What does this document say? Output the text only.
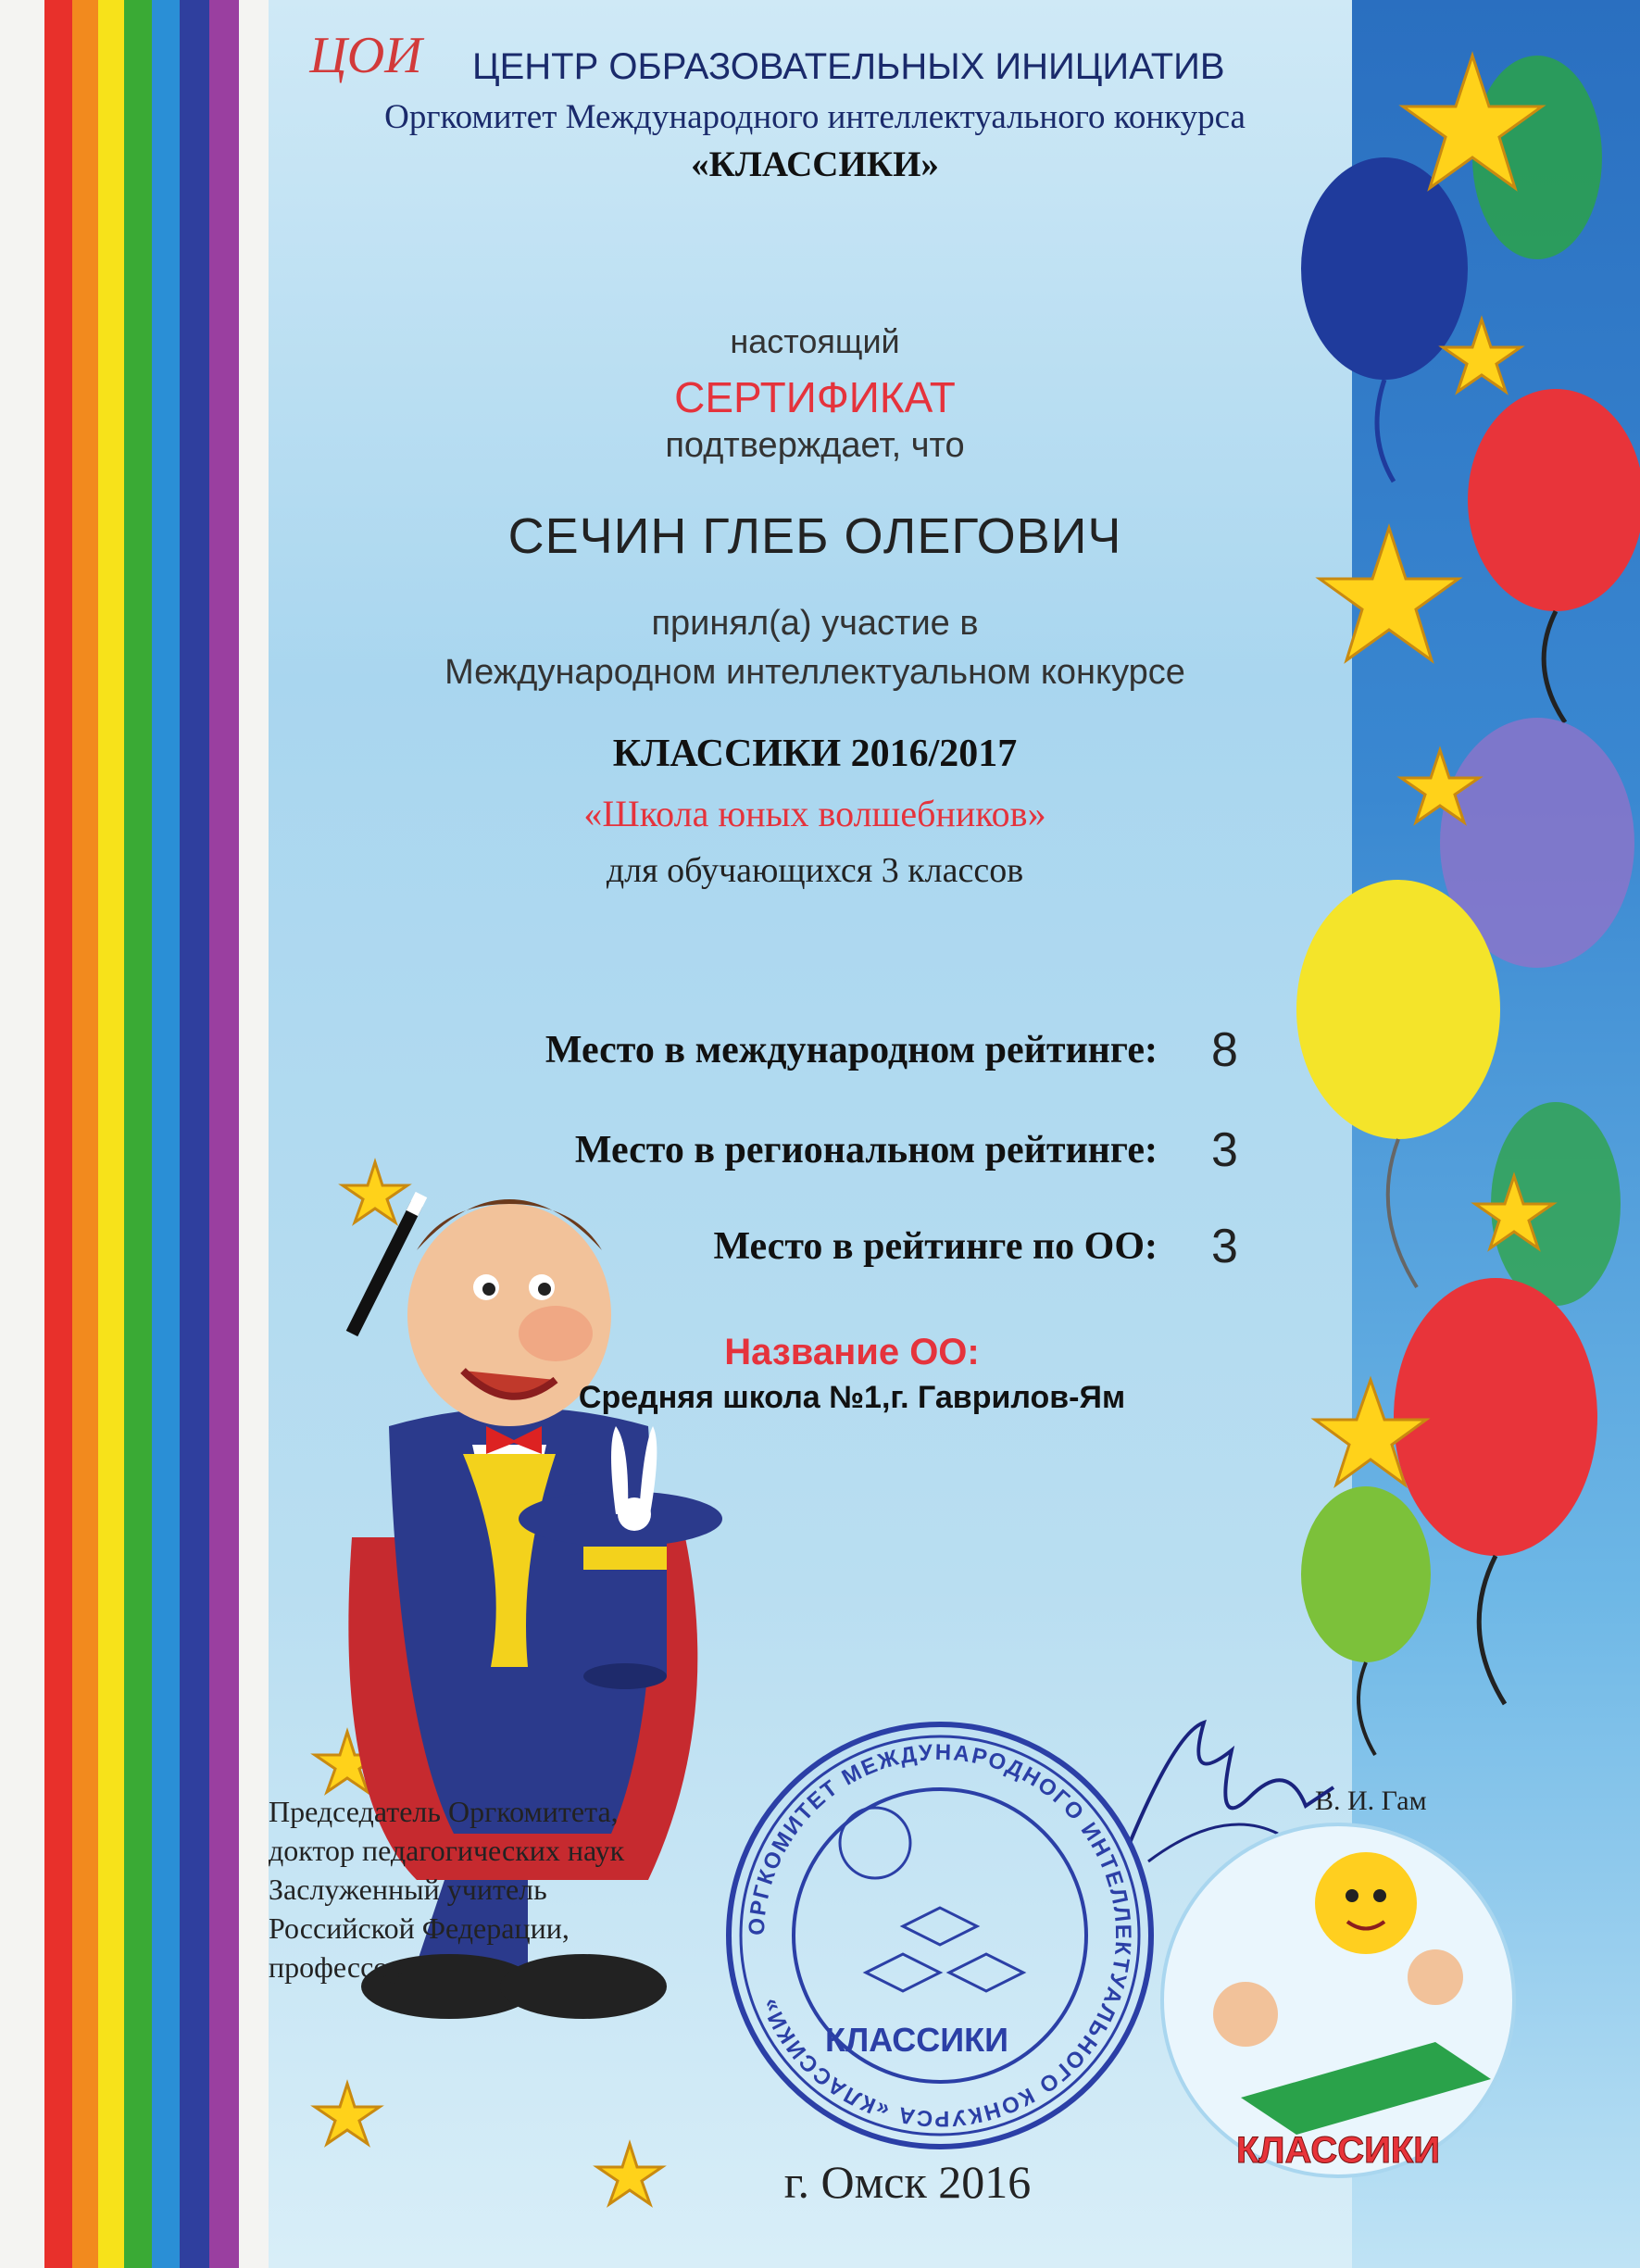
ЦОИ	ЦЕНТР ОБРАЗОВАТЕЛЬНЫХ ИНИЦИАТИВ
Оргкомитет Международного интеллектуального конкурса
«КЛАССИКИ»
настоящий
СЕРТИФИКАТ
подтверждает, что
СЕЧИН ГЛЕБ ОЛЕГОВИЧ
принял(а) участие в
Международном интеллектуальном конкурсе
КЛАССИКИ 2016/2017
«Школа юных волшебников»
для обучающихся 3 классов
Место в международном рейтинге: 8
Место в региональном рейтинге: 3
Место в рейтинге по ОО: 3
Название ОО:
Средняя школа №1,г. Гаврилов-Ям
Председатель Оргкомитета,
доктор педагогических наук
Заслуженный учитель
Российской Федерации,
профессор
В. И. Гам
ОРГКОМИТЕТ МЕЖДУНАРОДНОГО ИНТЕЛЛЕКТУАЛЬНОГО КОНКУРСА «КЛАССИКИ»
КЛАССИКИ
КЛАССИКИ
г. Омск 2016
